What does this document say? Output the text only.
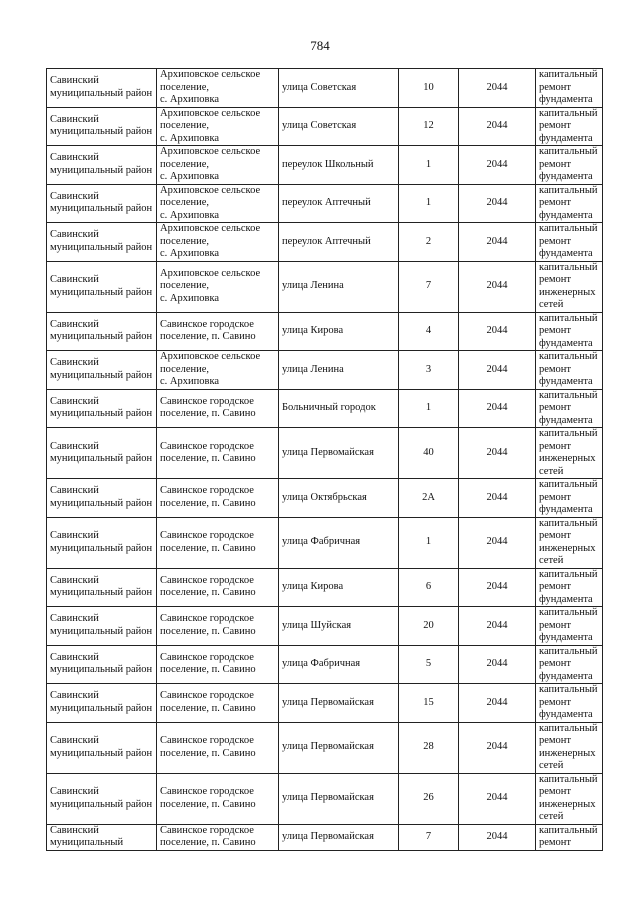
784
Савинский муниципальный район	Архиповское сельское
поселение,
с. Архиповка	улица Советская	10	2044	капитальный ремонт фундамента

Савинский муниципальный район	Архиповское сельское
поселение,
с. Архиповка	улица Советская	12	2044	капитальный ремонт фундамента

Савинский муниципальный район	Архиповское сельское
поселение,
с. Архиповка	переулок Школьный	1	2044	капитальный ремонт фундамента

Савинский муниципальный район	Архиповское сельское
поселение,
с. Архиповка	переулок Аптечный	1	2044	капитальный ремонт фундамента

Савинский муниципальный район	Архиповское сельское
поселение,
с. Архиповка	переулок Аптечный	2	2044	капитальный ремонт фундамента

Савинский муниципальный район	Архиповское сельское
поселение,
с. Архиповка	улица Ленина	7	2044	капитальный ремонт инженерных сетей

Савинский муниципальный район	Савинское городское
поселение, п. Савино	улица Кирова	4	2044	капитальный ремонт фундамента

Савинский муниципальный район	Архиповское сельское
поселение,
с. Архиповка	улица Ленина	3	2044	капитальный ремонт фундамента

Савинский муниципальный район	Савинское городское
поселение, п. Савино	Больничный городок	1	2044	капитальный ремонт фундамента

Савинский муниципальный район	Савинское городское
поселение, п. Савино	улица Первомайская	40	2044	капитальный ремонт инженерных сетей

Савинский муниципальный район	Савинское городское
поселение, п. Савино	улица Октябрьская	2А	2044	капитальный ремонт фундамента

Савинский муниципальный район	Савинское городское
поселение, п. Савино	улица Фабричная	1	2044	капитальный ремонт инженерных сетей

Савинский муниципальный район	Савинское городское
поселение, п. Савино	улица Кирова	6	2044	капитальный ремонт фундамента

Савинский муниципальный район	Савинское городское
поселение, п. Савино	улица Шуйская	20	2044	капитальный ремонт фундамента

Савинский муниципальный район	Савинское городское
поселение, п. Савино	улица Фабричная	5	2044	капитальный ремонт фундамента

Савинский муниципальный район	Савинское городское
поселение, п. Савино	улица Первомайская	15	2044	капитальный ремонт фундамента

Савинский муниципальный район	Савинское городское
поселение, п. Савино	улица Первомайская	28	2044	капитальный ремонт инженерных сетей

Савинский муниципальный район	Савинское городское
поселение, п. Савино	улица Первомайская	26	2044	капитальный ремонт инженерных сетей

Савинский муниципальный	Савинское городское
поселение, п. Савино	улица Первомайская	7	2044	капитальный ремонт
